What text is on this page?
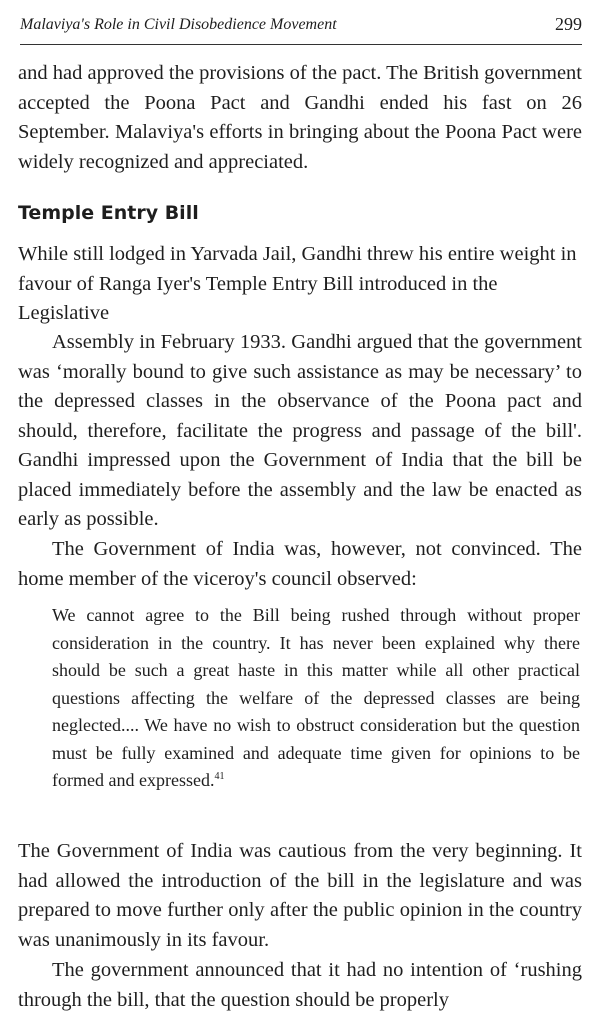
Malaviya's Role in Civil Disobedience Movement	299

and had approved the provisions of the pact. The British government accepted the Poona Pact and Gandhi ended his fast on 26 September. Malaviya's efforts in bringing about the Poona Pact were widely recognized and appreciated.

Temple Entry Bill

While still lodged in Yarvada Jail, Gandhi threw his entire weight in favour of Ranga Iyer's Temple Entry Bill introduced in the Legislative

Assembly in February 1933. Gandhi argued that the government was ‘morally bound to give such assistance as may be necessary’ to the depressed classes in the observance of the Poona pact and should, therefore, facilitate the progress and passage of the bill'. Gandhi impressed upon the Government of India that the bill be placed immediately before the assembly and the law be enacted as early as possible.

The Government of India was, however, not convinced. The home member of the viceroy's council observed:

We cannot agree to the Bill being rushed through without proper consideration in the country. It has never been explained why there should be such a great haste in this matter while all other practical questions affecting the welfare of the depressed classes are being neglected.... We have no wish to obstruct consideration but the question must be fully examined and adequate time given for opinions to be formed and expressed.$^{41}$

The Government of India was cautious from the very beginning. It had allowed the introduction of the bill in the legislature and was prepared to move further only after the public opinion in the country was unanimously in its favour.

The government announced that it had no intention of ‘rushing through the bill, that the question should be properly
